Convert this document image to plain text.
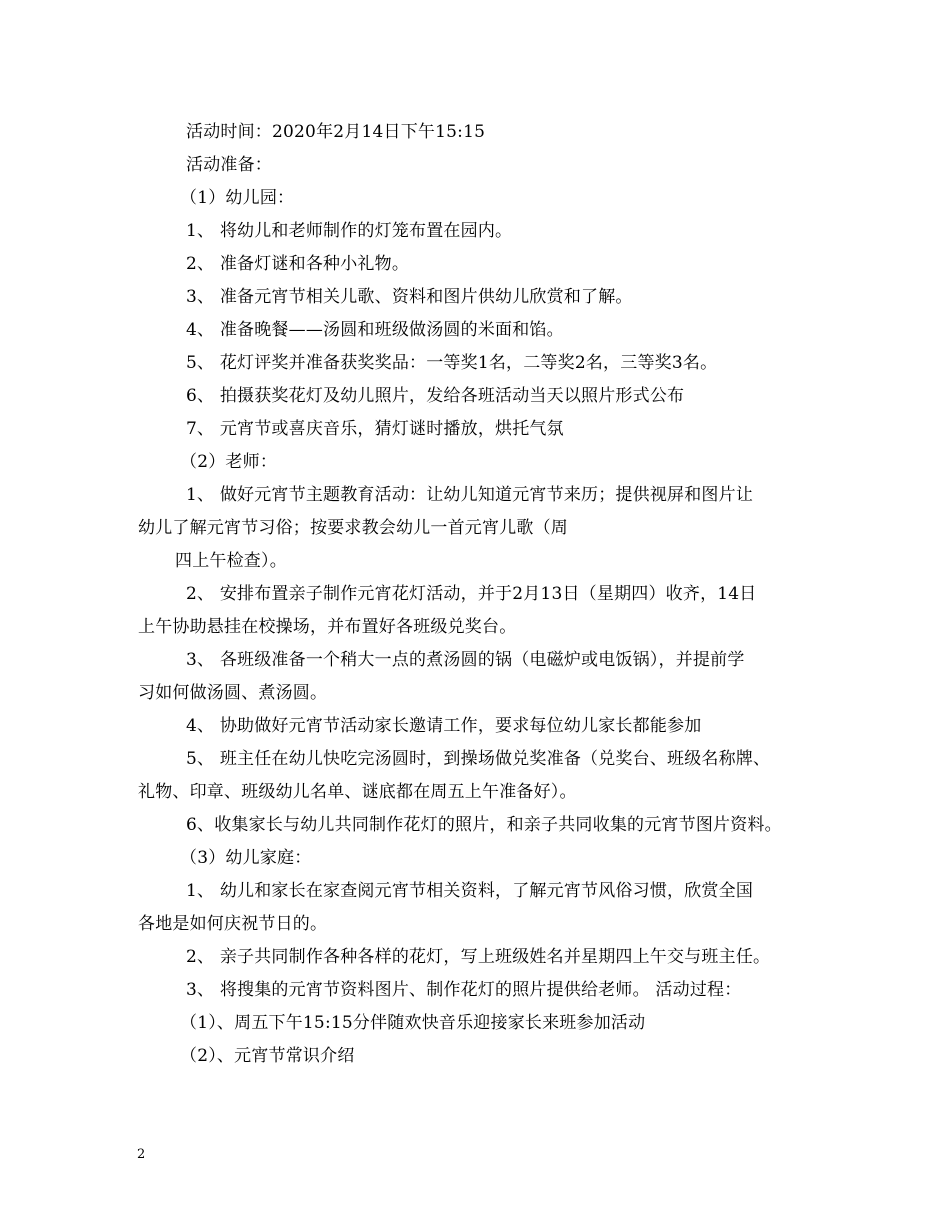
活动时间：2020年2月14日下午15:15
活动准备：
（1）幼儿园：
1、 将幼儿和老师制作的灯笼布置在园内。
2、 准备灯谜和各种小礼物。
3、 准备元宵节相关儿歌、资料和图片供幼儿欣赏和了解。
4、 准备晚餐——汤圆和班级做汤圆的米面和馅。
5、 花灯评奖并准备获奖奖品：一等奖1名，二等奖2名，三等奖3名。
6、 拍摄获奖花灯及幼儿照片，发给各班活动当天以照片形式公布
7、 元宵节或喜庆音乐，猜灯谜时播放，烘托气氛
（2）老师：
1、 做好元宵节主题教育活动：让幼儿知道元宵节来历；提供视屏和图片让
幼儿了解元宵节习俗；按要求教会幼儿一首元宵儿歌（周
四上午检查）。
2、 安排布置亲子制作元宵花灯活动，并于2月13日（星期四）收齐，14日
上午协助悬挂在校操场，并布置好各班级兑奖台。
3、 各班级准备一个稍大一点的煮汤圆的锅（电磁炉或电饭锅），并提前学
习如何做汤圆、煮汤圆。
4、 协助做好元宵节活动家长邀请工作，要求每位幼儿家长都能参加
5、 班主任在幼儿快吃完汤圆时，到操场做兑奖准备（兑奖台、班级名称牌、
礼物、印章、班级幼儿名单、谜底都在周五上午准备好）。
6、收集家长与幼儿共同制作花灯的照片，和亲子共同收集的元宵节图片资料。
（3）幼儿家庭：
1、 幼儿和家长在家查阅元宵节相关资料，了解元宵节风俗习惯，欣赏全国
各地是如何庆祝节日的。
2、 亲子共同制作各种各样的花灯，写上班级姓名并星期四上午交与班主任。
3、 将搜集的元宵节资料图片、制作花灯的照片提供给老师。 活动过程：
（1）、周五下午15:15分伴随欢快音乐迎接家长来班参加活动
（2）、元宵节常识介绍
2
